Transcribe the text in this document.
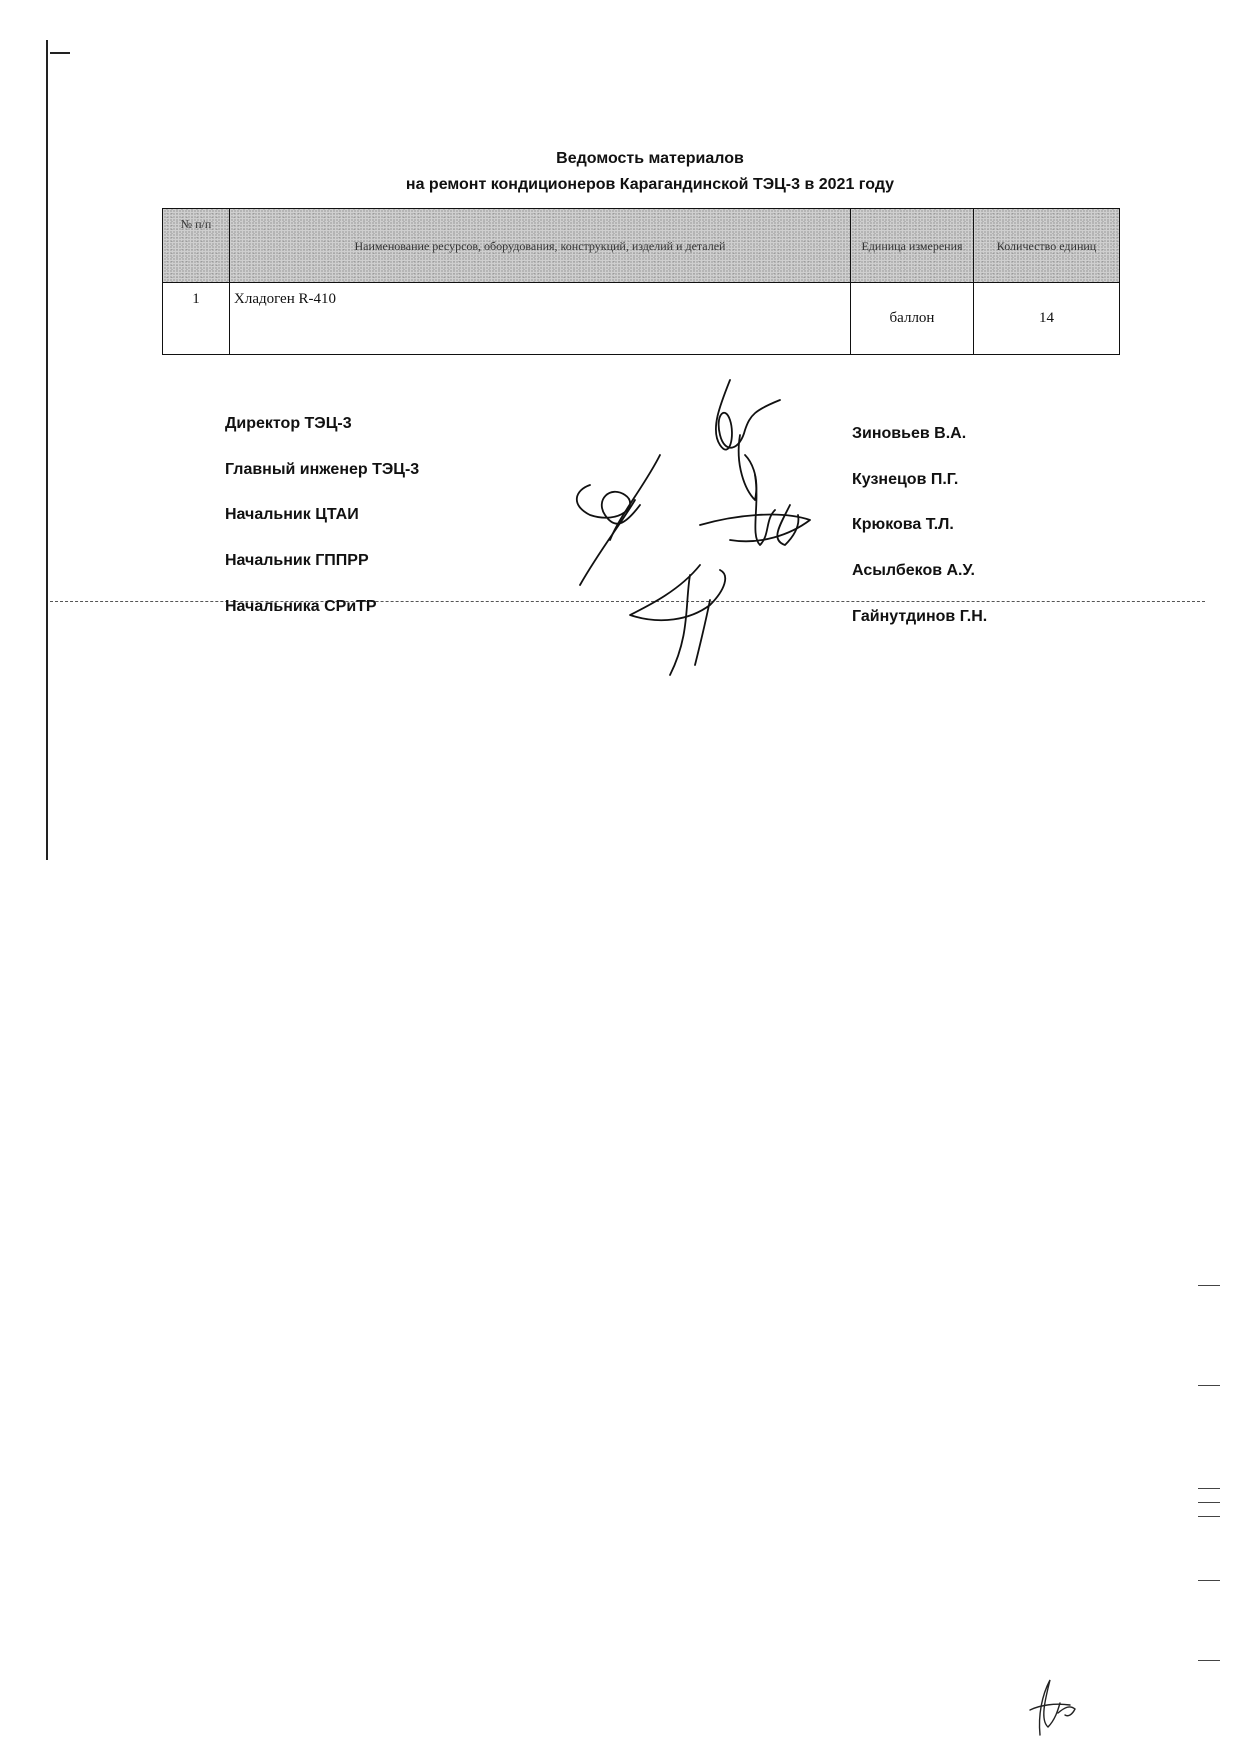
Ведомость материалов
на ремонт кондиционеров Карагандинской ТЭЦ-3 в 2021 году
№ п/п	Наименование ресурсов, оборудования, конструкций, изделий и деталей	Единица измерения	Количество единиц
1	Хладоген R-410	баллон	14
Директор ТЭЦ-3
Главный инженер ТЭЦ-3
Начальник ЦТАИ
Начальник ГППРР
Начальника СРиТР
Зиновьев В.А.
Кузнецов П.Г.
Крюкова Т.Л.
Асылбеков А.У.
Гайнутдинов Г.Н.
